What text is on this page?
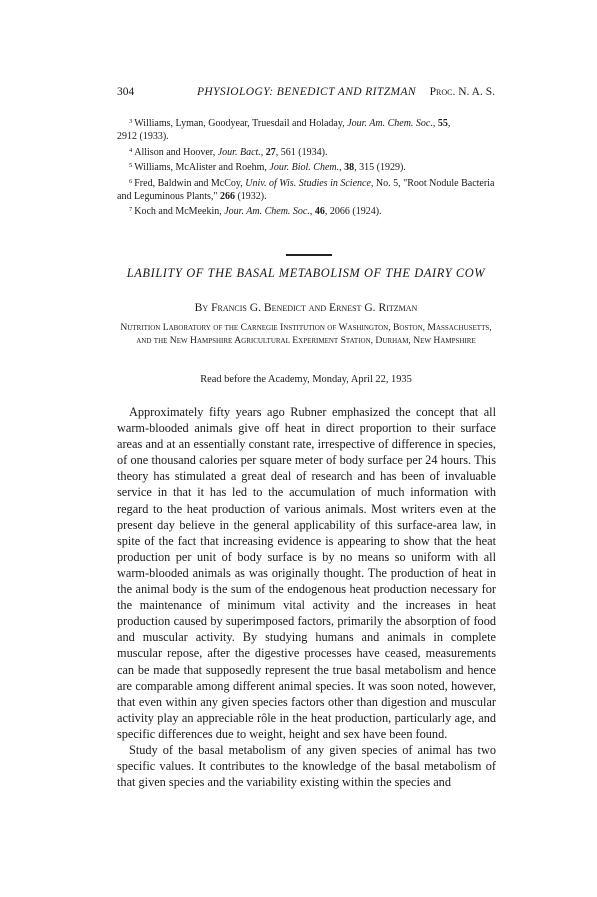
304	PHYSIOLOGY: BENEDICT AND RITZMAN Proc. N. A. S.

$^3$ Williams, Lyman, Goodyear, Truesdail and Holaday, Jour. Am. Chem. Soc., 55,

2912 (1933).

$^4$ Allison and Hoover, Jour. Bact., 27, 561 (1934).

$^5$ Williams, McAlister and Roehm, Jour. Biol. Chem., 38, 315 (1929).

$^6$ Fred, Baldwin and McCoy, Univ. of Wis. Studies in Science, No. 5, "Root Nodule Bacteria and Leguminous Plants," 266 (1932).

$^7$ Koch and McMeekin, Jour. Am. Chem. Soc., 46, 2066 (1924).

LABILITY OF THE BASAL METABOLISM OF THE DAIRY COW
By Francis G. Benedict and Ernest G. Ritzman
Nutrition Laboratory of the Carnegie Institution of Washington, Boston, Massachusetts, and the New Hampshire Agricultural Experiment Station, Durham, New Hampshire
Read before the Academy, Monday, April 22, 1935

Approximately fifty years ago Rubner emphasized the concept that all warm-blooded animals give off heat in direct proportion to their surface areas and at an essentially constant rate, irrespective of difference in species, of one thousand calories per square meter of body surface per 24 hours. This theory has stimulated a great deal of research and has been of invaluable service in that it has led to the accumulation of much information with regard to the heat production of various animals. Most writers even at the present day believe in the general applicability of this surface-area law, in spite of the fact that increasing evidence is appearing to show that the heat production per unit of body surface is by no means so uniform with all warm-blooded animals as was originally thought. The production of heat in the animal body is the sum of the endogenous heat production necessary for the maintenance of minimum vital activity and the increases in heat production caused by superimposed factors, primarily the absorption of food and muscular activity. By studying humans and animals in complete muscular repose, after the digestive processes have ceased, measurements can be made that supposedly represent the true basal metabolism and hence are comparable among different animal species. It was soon noted, however, that even within any given species factors other than digestion and muscular activity play an appreciable rôle in the heat production, particularly age, and specific differences due to weight, height and sex have been found.

Study of the basal metabolism of any given species of animal has two specific values. It contributes to the knowledge of the basal metabolism of that given species and the variability existing within the species and
